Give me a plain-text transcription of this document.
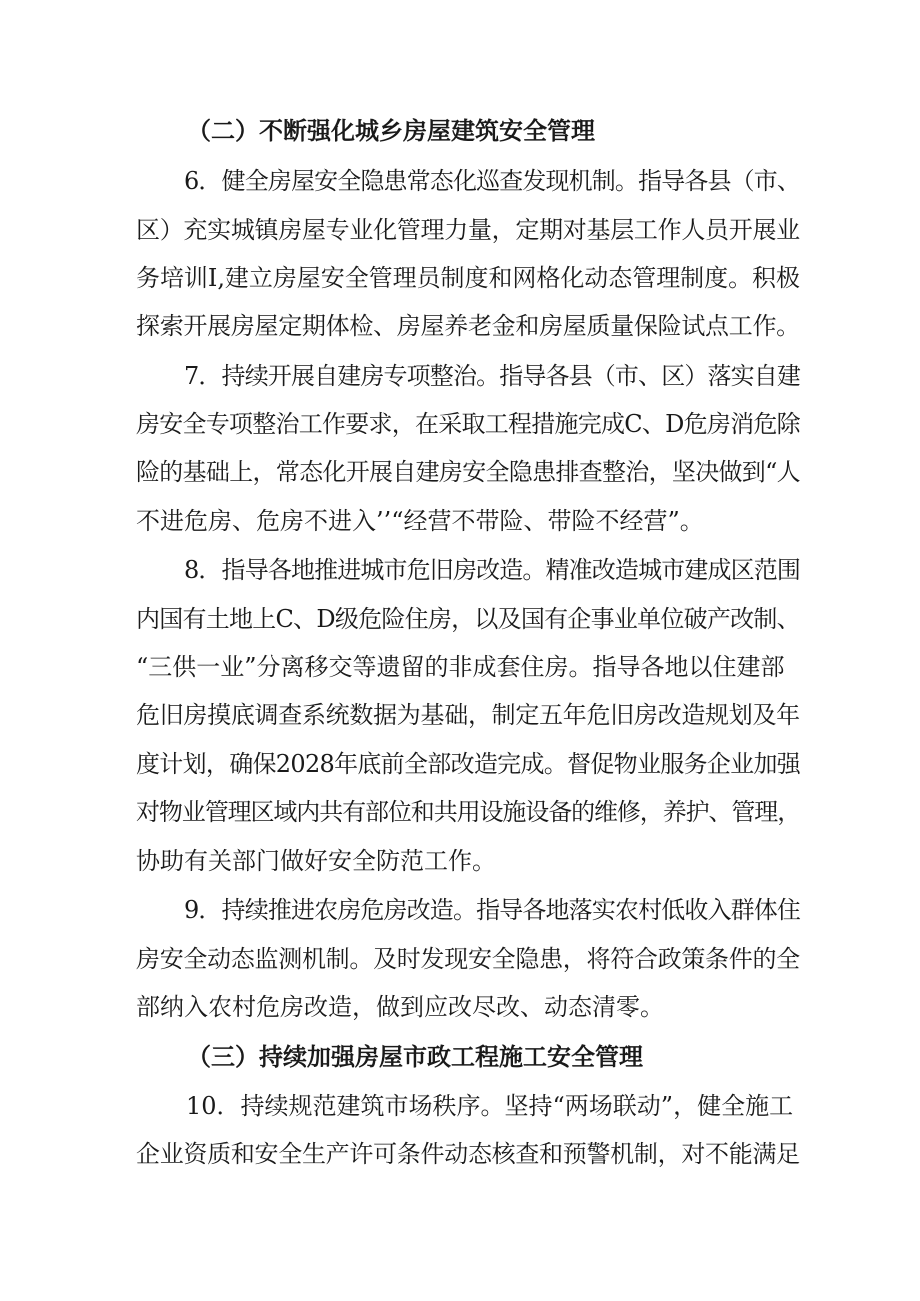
（二）不断强化城乡房屋建筑安全管理
6．健全房屋安全隐患常态化巡查发现机制。指导各县（市、
区）充实城镇房屋专业化管理力量，定期对基层工作人员开展业
务培训I,建立房屋安全管理员制度和网格化动态管理制度。积极
探索开展房屋定期体检、房屋养老金和房屋质量保险试点工作。
7．持续开展自建房专项整治。指导各县（市、区）落实自建
房安全专项整治工作要求，在采取工程措施完成C、D危房消危除
险的基础上，常态化开展自建房安全隐患排查整治，坚决做到“人
不进危房、危房不进入’’“经营不带险、带险不经营”。
8．指导各地推进城市危旧房改造。精准改造城市建成区范围
内国有土地上C、D级危险住房，以及国有企事业单位破产改制、
“三供一业”分离移交等遗留的非成套住房。指导各地以住建部
危旧房摸底调查系统数据为基础，制定五年危旧房改造规划及年
度计划，确保2028年底前全部改造完成。督促物业服务企业加强
对物业管理区域内共有部位和共用设施设备的维修，养护、管理，
协助有关部门做好安全防范工作。
9．持续推进农房危房改造。指导各地落实农村低收入群体住
房安全动态监测机制。及时发现安全隐患，将符合政策条件的全
部纳入农村危房改造，做到应改尽改、动态清零。
（三）持续加强房屋市政工程施工安全管理
10．持续规范建筑市场秩序。坚持“两场联动”，健全施工
企业资质和安全生产许可条件动态核查和预警机制，对不能满足
